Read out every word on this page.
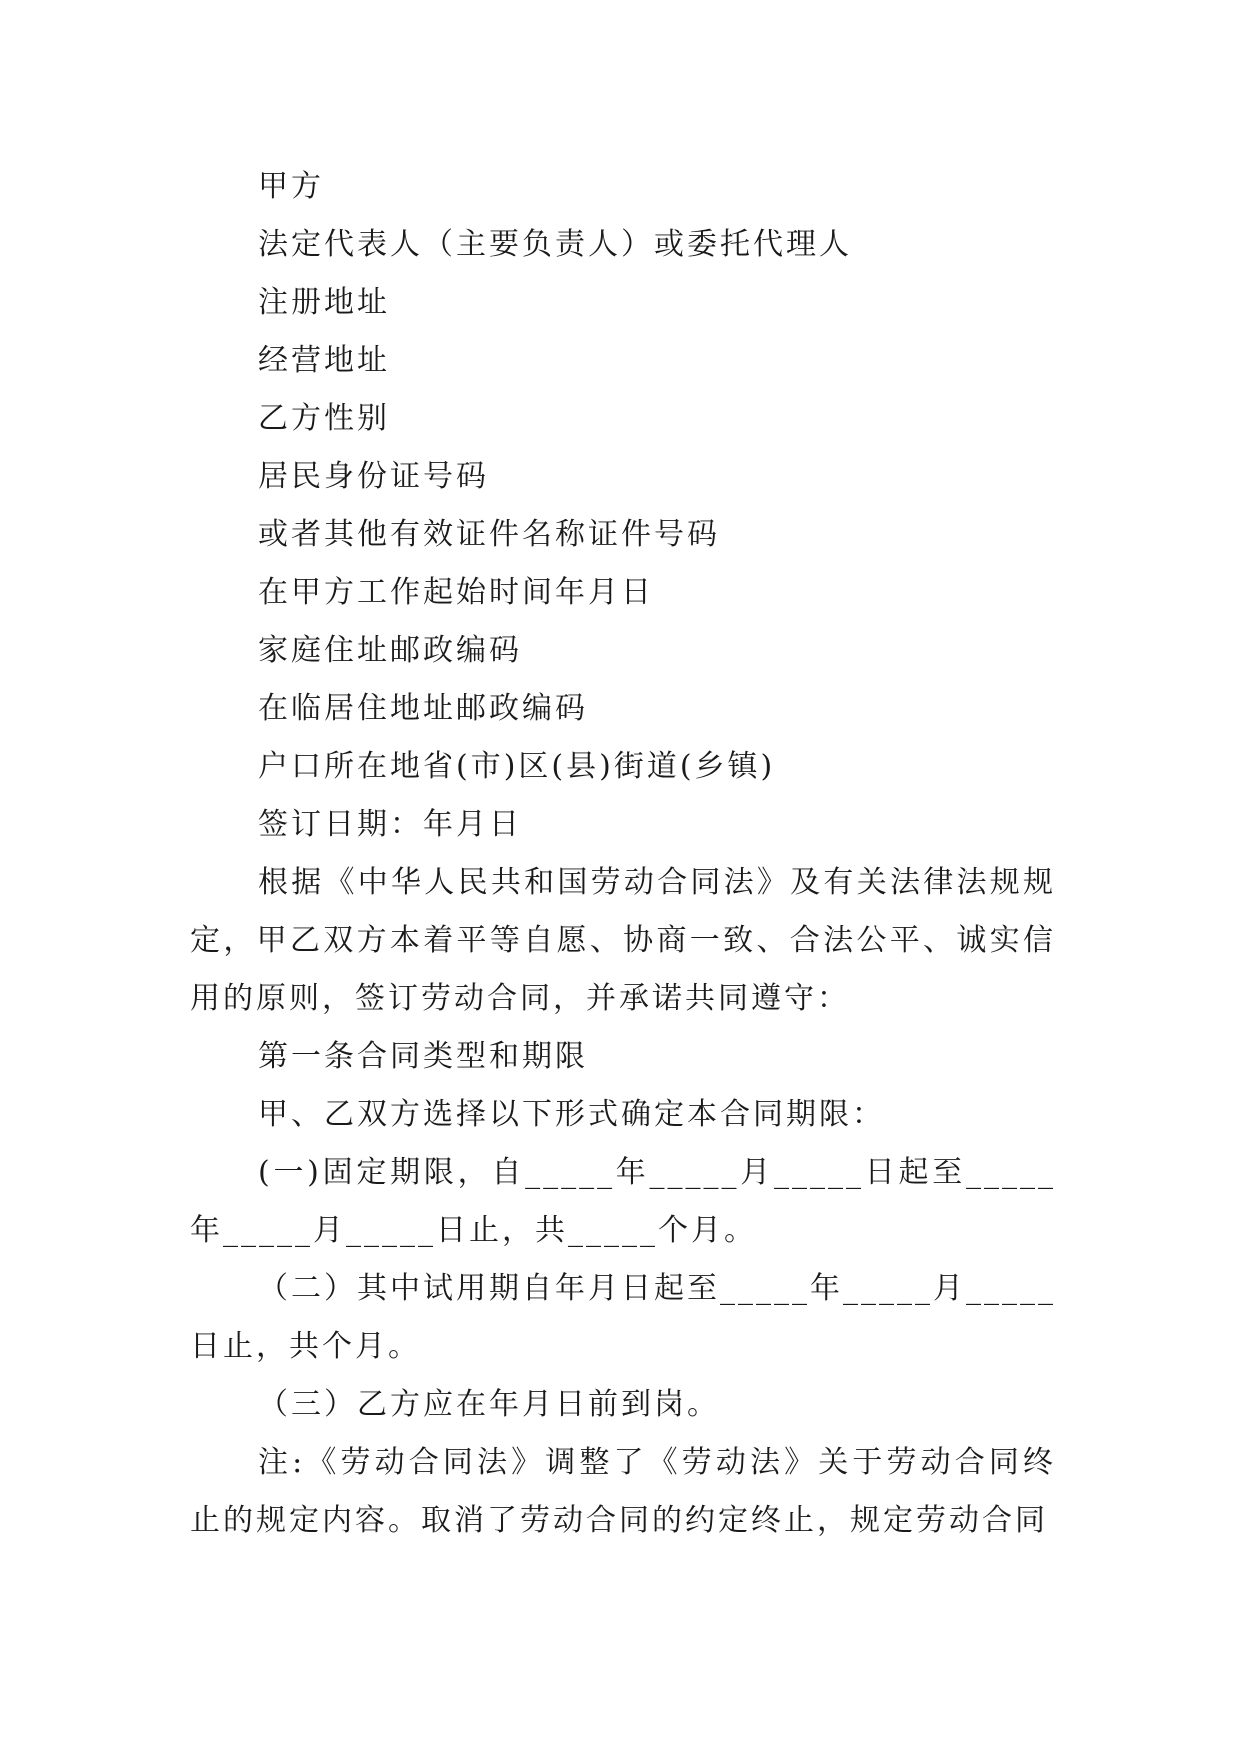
甲方

法定代表人（主要负责人）或委托代理人

注册地址

经营地址

乙方性别

居民身份证号码

或者其他有效证件名称证件号码

在甲方工作起始时间年月日

家庭住址邮政编码

在临居住地址邮政编码

户口所在地省(市)区(县)街道(乡镇)

签订日期：年月日

根据《中华人民共和国劳动合同法》及有关法律法规规定，甲乙双方本着平等自愿、协商一致、合法公平、诚实信用的原则，签订劳动合同，并承诺共同遵守：

第一条合同类型和期限

甲、乙双方选择以下形式确定本合同期限：

(一)固定期限，自_____年_____月_____日起至_____年_____月_____日止，共_____个月。

（二）其中试用期自年月日起至_____年_____月_____日止，共个月。

（三）乙方应在年月日前到岗。

注:《劳动合同法》调整了《劳动法》关于劳动合同终止的规定内容。取消了劳动合同的约定终止，规定劳动合同
